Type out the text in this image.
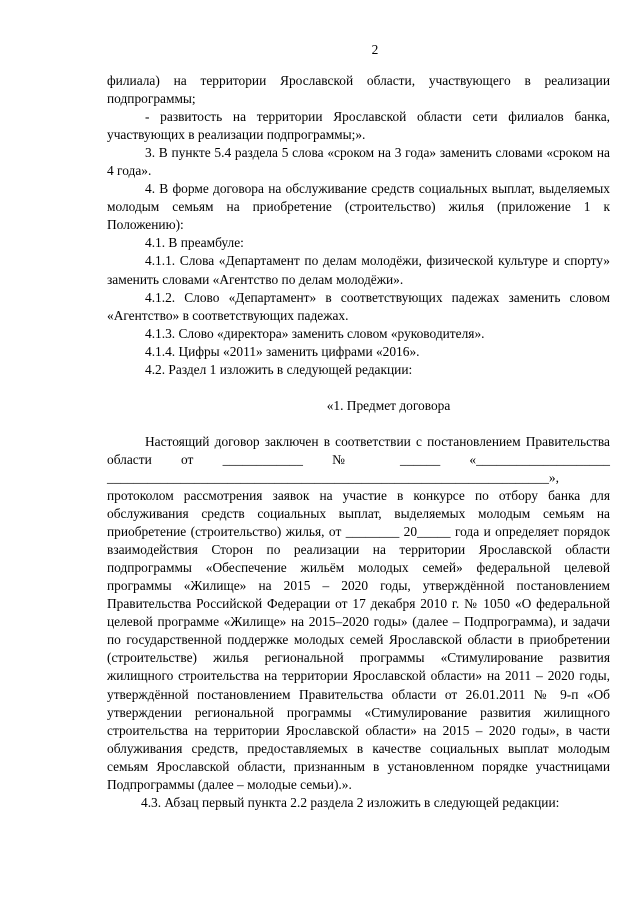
2

филиала) на территории Ярославской области, участвующего в реализации подпрограммы;

- развитость на территории Ярославской области сети филиалов банка, участвующих в реализации подпрограммы;».

3. В пункте 5.4 раздела 5 слова «сроком на 3 года» заменить словами «сроком на 4 года».

4. В форме договора на обслуживание средств социальных выплат, выделяемых молодым семьям на приобретение (строительство) жилья (приложение 1 к Положению):

4.1. В преамбуле:

4.1.1. Слова «Департамент по делам молодёжи, физической культуре и спорту» заменить словами «Агентство по делам молодёжи».

4.1.2. Слово «Департамент» в соответствующих падежах заменить словом «Агентство» в соответствующих падежах.

4.1.3. Слово «директора» заменить словом «руководителя».

4.1.4. Цифры «2011» заменить цифрами «2016».

4.2. Раздел 1 изложить в следующей редакции:

«1. Предмет договора

Настоящий договор заключен в соответствии с постановлением Правительства области от ____________ № ______ «____________________ __________________________________________________________________», протоколом рассмотрения заявок на участие в конкурсе по отбору банка для обслуживания средств социальных выплат, выделяемых молодым семьям на приобретение (строительство) жилья, от ________ 20_____ года и определяет порядок взаимодействия Сторон по реализации на территории Ярославской области подпрограммы «Обеспечение жильём молодых семей» федеральной целевой программы «Жилище» на 2015 – 2020 годы, утверждённой постановлением Правительства Российской Федерации от 17 декабря 2010 г. № 1050 «О федеральной целевой программе «Жилище» на 2015–2020 годы» (далее – Подпрограмма), и задачи по государственной поддержке молодых семей Ярославской области в приобретении (строительстве) жилья региональной программы «Стимулирование развития жилищного строительства на территории Ярославской области» на 2011 – 2020 годы, утверждённой постановлением Правительства области от 26.01.2011 № 9-п «Об утверждении региональной программы «Стимулирование развития жилищного строительства на территории Ярославской области» на 2015 – 2020 годы», в части облуживания средств, предоставляемых в качестве социальных выплат молодым семьям Ярославской области, признанным в установленном порядке участницами Подпрограммы (далее – молодые семьи).».

4.3. Абзац первый пункта 2.2 раздела 2 изложить в следующей редакции:
